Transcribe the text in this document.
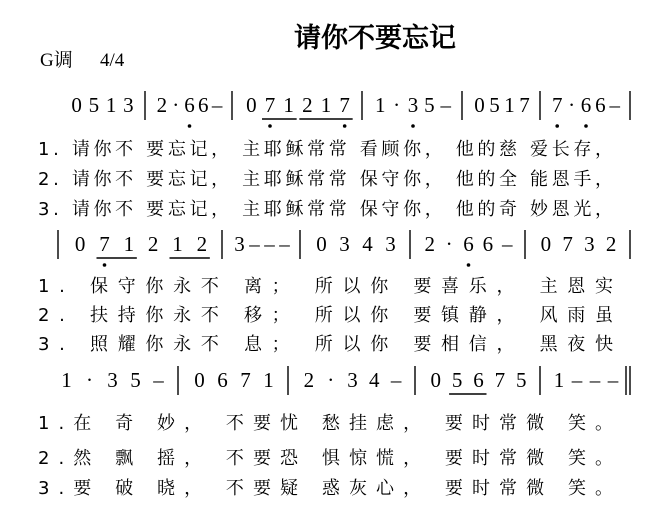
请你不要忘记
G调 4/4
0 5 1 3 2 · 6 6 – 0 7 1 2 1 7 1 · 3 5 – 0 5 1 7 7 · 6 6 –
1. 请你不 要忘记， 主耶稣常常 看顾你， 他的慈 爱长存，
2. 请你不 要忘记， 主耶稣常常 保守你， 他的全 能恩手，
3. 请你不 要忘记， 主耶稣常常 保守你， 他的奇 妙恩光，
0 7 1 2 1 2 3 – – – 0 3 4 3 2 · 6 6 – 0 7 3 2
1. 保守你永不 离； 所以你 要喜乐， 主恩实
2. 扶持你永不 移； 所以你 要镇静， 风雨虽
3. 照耀你永不 息； 所以你 要相信， 黑夜快
1 · 3 5 – 0 6 7 1 2 · 3 4 – 0 5 6 7 5 1 – – –
1.在 奇 妙， 不要忧 愁挂虑， 要时常微 笑。
2.然 飘 摇， 不要恐 惧惊慌， 要时常微 笑。
3.要 破 晓， 不要疑 惑灰心， 要时常微 笑。
